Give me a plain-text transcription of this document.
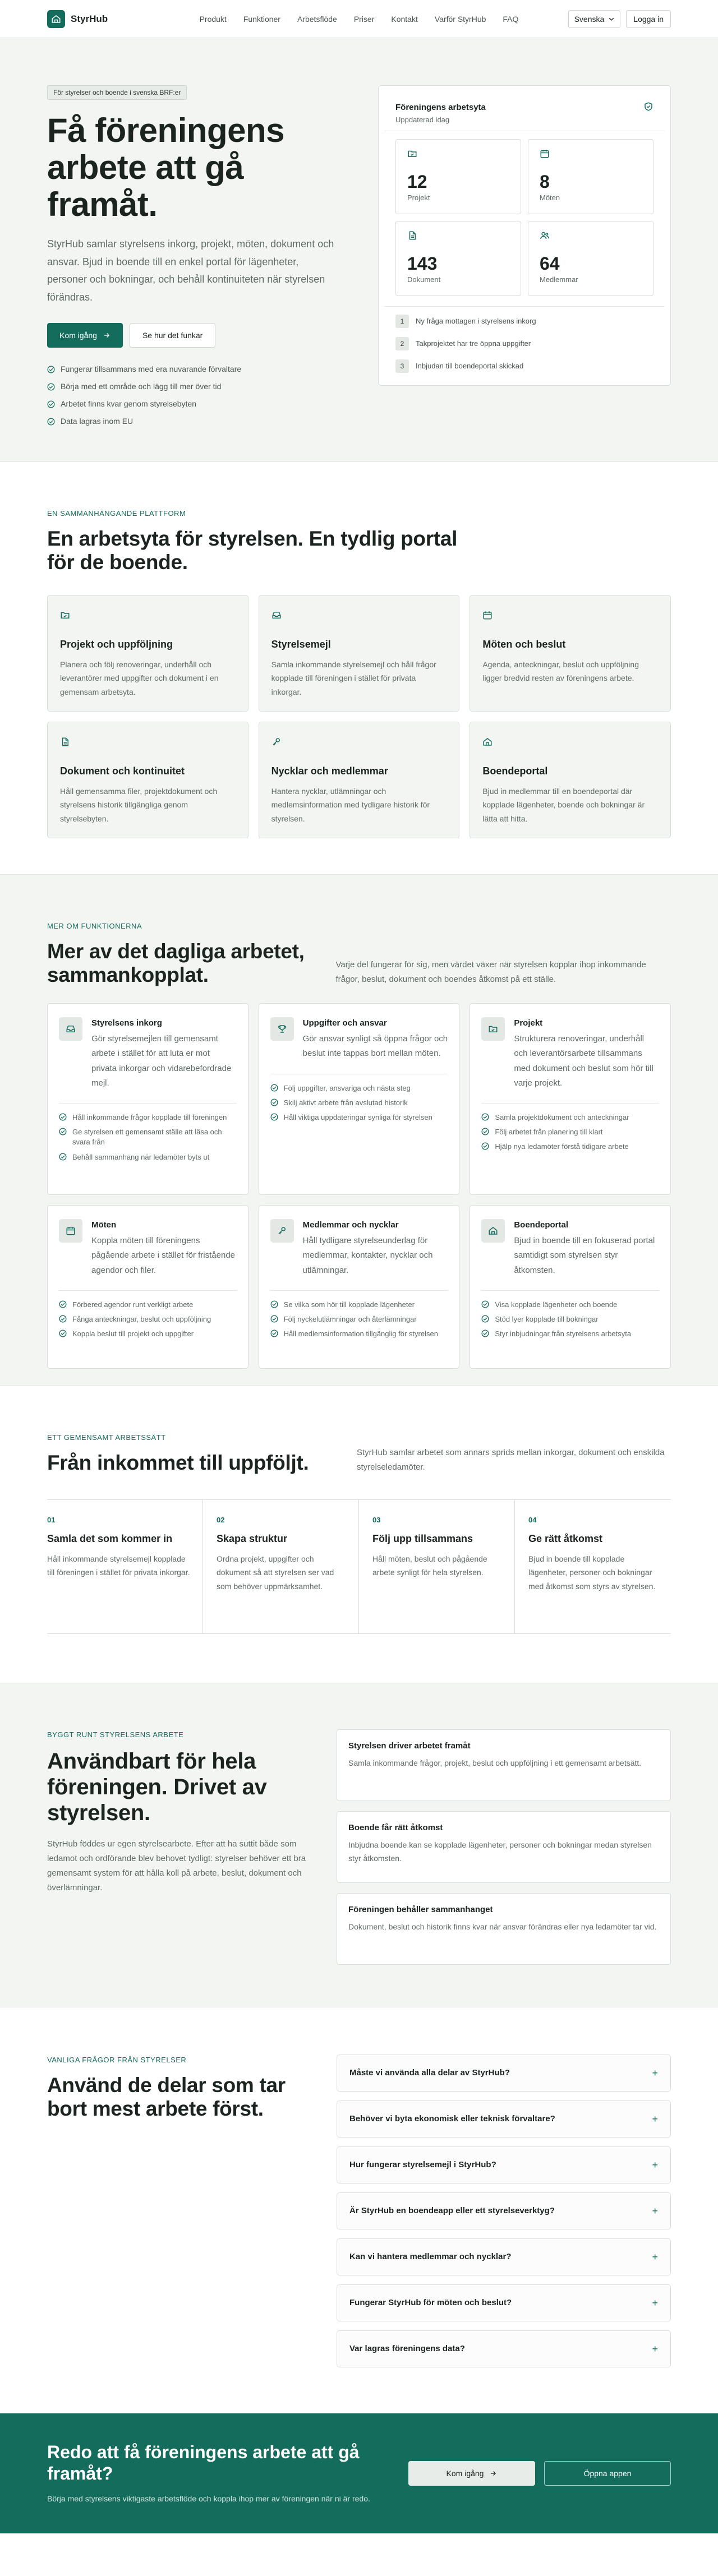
StyrHub	Produkt Funktioner Arbetsflöde Priser Kontakt Varför StyrHub FAQ	Svenska	Logga in
För styrelser och boende i svenska BRF:er
Få föreningens arbete att gå framåt.

StyrHub samlar styrelsens inkorg, projekt, möten, dokument och ansvar. Bjud in boende till en enkel portal för lägenheter, personer och bokningar, och behåll kontinuiteten när styrelsen förändras.

Kom igång	Se hur det funkar
Fungerar tillsammans med era nuvarande förvaltare
Börja med ett område och lägg till mer över tid
Arbetet finns kvar genom styrelsebyten
Data lagras inom EU
Föreningens arbetsyta
Uppdaterad idag
12
Projekt
8
Möten
143
Dokument
64
Medlemmar
1	Ny fråga mottagen i styrelsens inkorg
2	Takprojektet har tre öppna uppgifter
3	Inbjudan till boendeportal skickad
EN SAMMANHÄNGANDE PLATTFORM
En arbetsyta för styrelsen. En tydlig portal för de boende.
Projekt och uppföljning

Planera och följ renoveringar, underhåll och leverantörer med uppgifter och dokument i en gemensam arbetsyta.

Styrelsemejl

Samla inkommande styrelsemejl och håll frågor kopplade till föreningen i stället för privata inkorgar.

Möten och beslut

Agenda, anteckningar, beslut och uppföljning ligger bredvid resten av föreningens arbete.

Dokument och kontinuitet

Håll gemensamma filer, projektdokument och styrelsens historik tillgängliga genom styrelsebyten.

Nycklar och medlemmar

Hantera nycklar, utlämningar och medlemsinformation med tydligare historik för styrelsen.

Boendeportal

Bjud in medlemmar till en boendeportal där kopplade lägenheter, boende och bokningar är lätta att hitta.

MER OM FUNKTIONERNA
Mer av det dagliga arbetet, sammankopplat.	Varje del fungerar för sig, men värdet växer när styrelsen kopplar ihop inkommande frågor, beslut, dokument och boendes åtkomst på ett ställe.

Styrelsens inkorg

Gör styrelsemejlen till gemensamt arbete i stället för att luta er mot privata inkorgar och vidarebefordrade mejl.

Håll inkommande frågor kopplade till föreningen
Ge styrelsen ett gemensamt ställe att läsa och svara från
Behåll sammanhang när ledamöter byts ut
Uppgifter och ansvar

Gör ansvar synligt så öppna frågor och beslut inte tappas bort mellan möten.

Följ uppgifter, ansvariga och nästa steg
Skilj aktivt arbete från avslutad historik
Håll viktiga uppdateringar synliga för styrelsen
Projekt

Strukturera renoveringar, underhåll och leverantörsarbete tillsammans med dokument och beslut som hör till varje projekt.

Samla projektdokument och anteckningar
Följ arbetet från planering till klart
Hjälp nya ledamöter förstå tidigare arbete
Möten

Koppla möten till föreningens pågående arbete i stället för fristående agendor och filer.

Förbered agendor runt verkligt arbete
Fånga anteckningar, beslut och uppföljning
Koppla beslut till projekt och uppgifter
Medlemmar och nycklar

Håll tydligare styrelseunderlag för medlemmar, kontakter, nycklar och utlämningar.

Se vilka som hör till kopplade lägenheter
Följ nyckelutlämningar och återlämningar
Håll medlemsinformation tillgänglig för styrelsen
Boendeportal

Bjud in boende till en fokuserad portal samtidigt som styrelsen styr åtkomsten.

Visa kopplade lägenheter och boende
Stöd lyer kopplade till bokningar
Styr inbjudningar från styrelsens arbetsyta
ETT GEMENSAMT ARBETSSÄTT
Från inkommet till uppföljt.	StyrHub samlar arbetet som annars sprids mellan inkorgar, dokument och enskilda styrelseledamöter.

01
Samla det som kommer in

Håll inkommande styrelsemejl kopplade till föreningen i stället för privata inkorgar.

02
Skapa struktur

Ordna projekt, uppgifter och dokument så att styrelsen ser vad som behöver uppmärksamhet.

03
Följ upp tillsammans

Håll möten, beslut och pågående arbete synligt för hela styrelsen.

04
Ge rätt åtkomst

Bjud in boende till kopplade lägenheter, personer och bokningar med åtkomst som styrs av styrelsen.

BYGGT RUNT STYRELSENS ARBETE
Användbart för hela föreningen. Drivet av styrelsen.

StyrHub föddes ur egen styrelsearbete. Efter att ha suttit både som ledamot och ordförande blev behovet tydligt: styrelser behöver ett bra gemensamt system för att hålla koll på arbete, beslut, dokument och överlämningar.

Styrelsen driver arbetet framåt

Samla inkommande frågor, projekt, beslut och uppföljning i ett gemensamt arbetsätt.

Boende får rätt åtkomst

Inbjudna boende kan se kopplade lägenheter, personer och bokningar medan styrelsen styr åtkomsten.

Föreningen behåller sammanhanget

Dokument, beslut och historik finns kvar när ansvar förändras eller nya ledamöter tar vid.

VANLIGA FRÅGOR FRÅN STYRELSER
Använd de delar som tar bort mest arbete först.
Måste vi använda alla delar av StyrHub?	+
Behöver vi byta ekonomisk eller teknisk förvaltare?	+
Hur fungerar styrelsemejl i StyrHub?	+
Är StyrHub en boendeapp eller ett styrelseverktyg?	+
Kan vi hantera medlemmar och nycklar?	+
Fungerar StyrHub för möten och beslut?	+
Var lagras föreningens data?	+
Redo att få föreningens arbete att gå framåt?

Börja med styrelsens viktigaste arbetsflöde och koppla ihop mer av föreningen när ni är redo.

Kom igång	Öppna appen
